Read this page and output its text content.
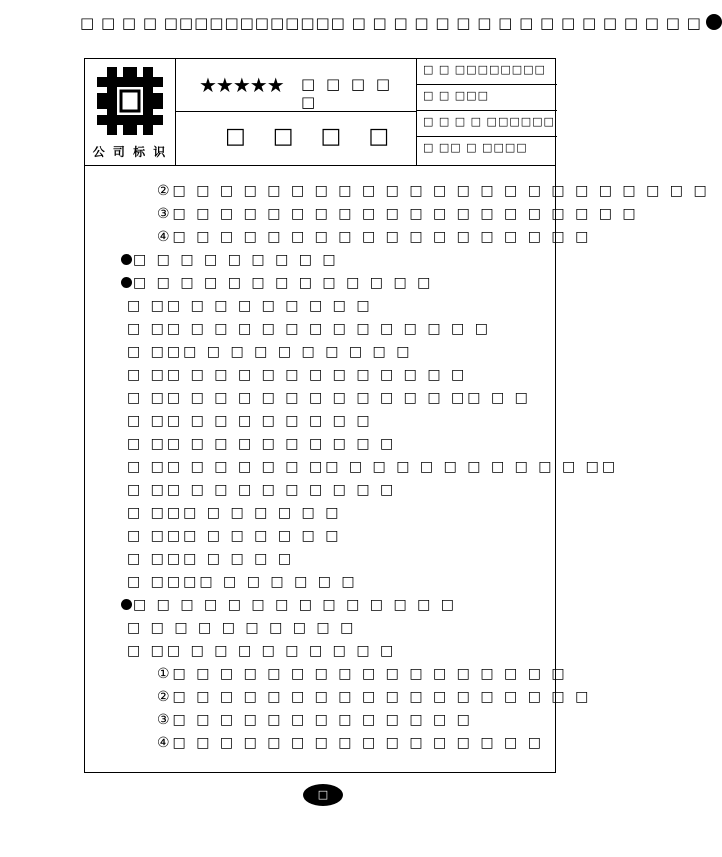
□ □ □ □ □□□□□□□□□□□□ □ □ □ □ □ □ □ □ □ □ □ □ □ □ □ □ □
公 司 标 识
★★★★★ □ □ □ □ □
□ □ □ □
□ □ □□□□□□□□
□ □ □□□
□ □ □ □ □□□□□□
□ □□ □ □□□□
②□ □ □ □ □ □ □ □ □ □ □ □ □ □ □ □ □ □ □ □ □ □ □
③□ □ □ □ □ □ □ □ □ □ □ □ □ □ □ □ □ □ □ □
④□ □ □ □ □ □ □ □ □ □ □ □ □ □ □ □ □ □
□ □ □ □ □ □ □ □ □
□ □ □ □ □ □ □ □ □ □ □ □ □
□ □□ □ □ □ □ □ □ □ □
□ □□ □ □ □ □ □ □ □ □ □ □ □ □ □
□ □□□ □ □ □ □ □ □ □ □ □
□ □□ □ □ □ □ □ □ □ □ □ □ □ □
□ □□ □ □ □ □ □ □ □ □ □ □ □ □□ □ □
□ □□ □ □ □ □ □ □ □ □
□ □□ □ □ □ □ □ □ □ □ □
□ □□ □ □ □ □ □ □□ □ □ □ □ □ □ □ □ □ □ □□
□ □□ □ □ □ □ □ □ □ □ □
□ □□□ □ □ □ □ □ □
□ □□□ □ □ □ □ □ □
□ □□□ □ □ □ □
□ □□□□ □ □ □ □ □ □
□ □ □ □ □ □ □ □ □ □ □ □ □ □
□ □ □ □ □ □ □ □ □ □
□ □□ □ □ □ □ □ □ □ □ □
①□ □ □ □ □ □ □ □ □ □ □ □ □ □ □ □ □
②□ □ □ □ □ □ □ □ □ □ □ □ □ □ □ □ □ □
③□ □ □ □ □ □ □ □ □ □ □ □ □
④□ □ □ □ □ □ □ □ □ □ □ □ □ □ □ □
□
